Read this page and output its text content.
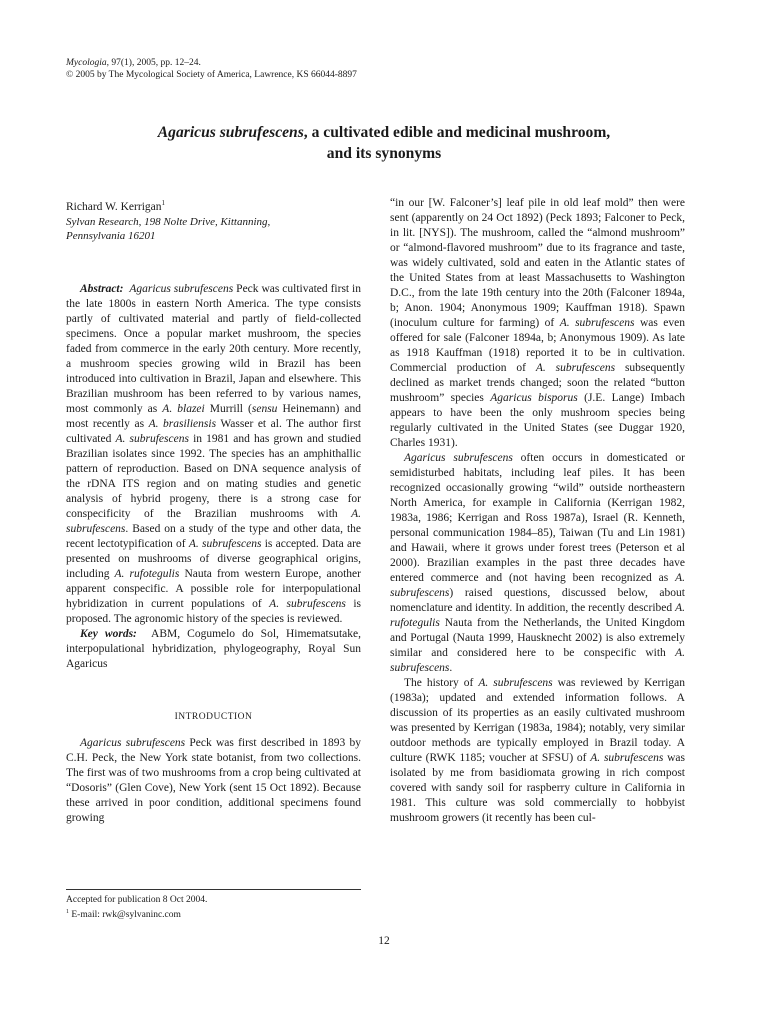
Mycologia, 97(1), 2005, pp. 12–24.
© 2005 by The Mycological Society of America, Lawrence, KS 66044-8897
Agaricus subrufescens, a cultivated edible and medicinal mushroom,
and its synonyms

Richard W. Kerrigan$^1$

Sylvan Research, 198 Nolte Drive, Kittanning,
Pennsylvania 16201

Abstract: Agaricus subrufescens Peck was cultivated first in the late 1800s in eastern North America. The type consists partly of cultivated material and partly of field-collected specimens. Once a popular market mushroom, the species faded from commerce in the early 20th century. More recently, a mushroom species growing wild in Brazil has been introduced into cultivation in Brazil, Japan and elsewhere. This Brazilian mushroom has been referred to by various names, most commonly as A. blazei Murrill (sensu Heinemann) and most recently as A. brasiliensis Wasser et al. The author first cultivated A. subrufescens in 1981 and has grown and studied Brazilian isolates since 1992. The species has an amphithallic pattern of reproduction. Based on DNA sequence analysis of the rDNA ITS region and on mating studies and genetic analysis of hybrid progeny, there is a strong case for conspecificity of the Brazilian mushrooms with A. subrufescens. Based on a study of the type and other data, the recent lectotypification of A. subrufescens is accepted. Data are presented on mushrooms of diverse geographical origins, including A. rufotegulis Nauta from western Europe, another apparent conspecific. A possible role for interpopulational hybridization in current populations of A. subrufescens is proposed. The agronomic history of the species is reviewed.

Key words: ABM, Cogumelo do Sol, Himematsutake, interpopulational hybridization, phylogeography, Royal Sun Agaricus

INTRODUCTION

Agaricus subrufescens Peck was first described in 1893 by C.H. Peck, the New York state botanist, from two collections. The first was of two mushrooms from a crop being cultivated at “Dosoris” (Glen Cove), New York (sent 15 Oct 1892). Because these arrived in poor condition, additional specimens found growing

“in our [W. Falconer’s] leaf pile in old leaf mold” then were sent (apparently on 24 Oct 1892) (Peck 1893; Falconer to Peck, in lit. [NYS]). The mushroom, called the “almond mushroom” or “almond-flavored mushroom” due to its fragrance and taste, was widely cultivated, sold and eaten in the Atlantic states of the United States from at least Massachusetts to Washington D.C., from the late 19th century into the 20th (Falconer 1894a, b; Anon. 1904; Anonymous 1909; Kauffman 1918). Spawn (inoculum culture for farming) of A. subrufescens was even offered for sale (Falconer 1894a, b; Anonymous 1909). As late as 1918 Kauffman (1918) reported it to be in cultivation. Commercial production of A. subrufescens subsequently declined as market trends changed; soon the related “button mushroom” species Agaricus bisporus (J.E. Lange) Imbach appears to have been the only mushroom species being regularly cultivated in the United States (see Duggar 1920, Charles 1931).

Agaricus subrufescens often occurs in domesticated or semidisturbed habitats, including leaf piles. It has been recognized occasionally growing “wild” outside northeastern North America, for example in California (Kerrigan 1982, 1983a, 1986; Kerrigan and Ross 1987a), Israel (R. Kenneth, personal communication 1984–85), Taiwan (Tu and Lin 1981) and Hawaii, where it grows under forest trees (Peterson et al 2000). Brazilian examples in the past three decades have entered commerce and (not having been recognized as A. subrufescens) raised questions, discussed below, about nomenclature and identity. In addition, the recently described A. rufotegulis Nauta from the Netherlands, the United Kingdom and Portugal (Nauta 1999, Hausknecht 2002) is also extremely similar and considered here to be conspecific with A. subrufescens.

The history of A. subrufescens was reviewed by Kerrigan (1983a); updated and extended information follows. A discussion of its properties as an easily cultivated mushroom was presented by Kerrigan (1983a, 1984); notably, very similar outdoor methods are typically employed in Brazil today. A culture (RWK 1185; voucher at SFSU) of A. subrufescens was isolated by me from basidiomata growing in rich compost covered with sandy soil for raspberry culture in California in 1981. This culture was sold commercially to hobbyist mushroom growers (it recently has been cul-

Accepted for publication 8 Oct 2004.

$^1$ E-mail: rwk@sylvaninc.com

12
